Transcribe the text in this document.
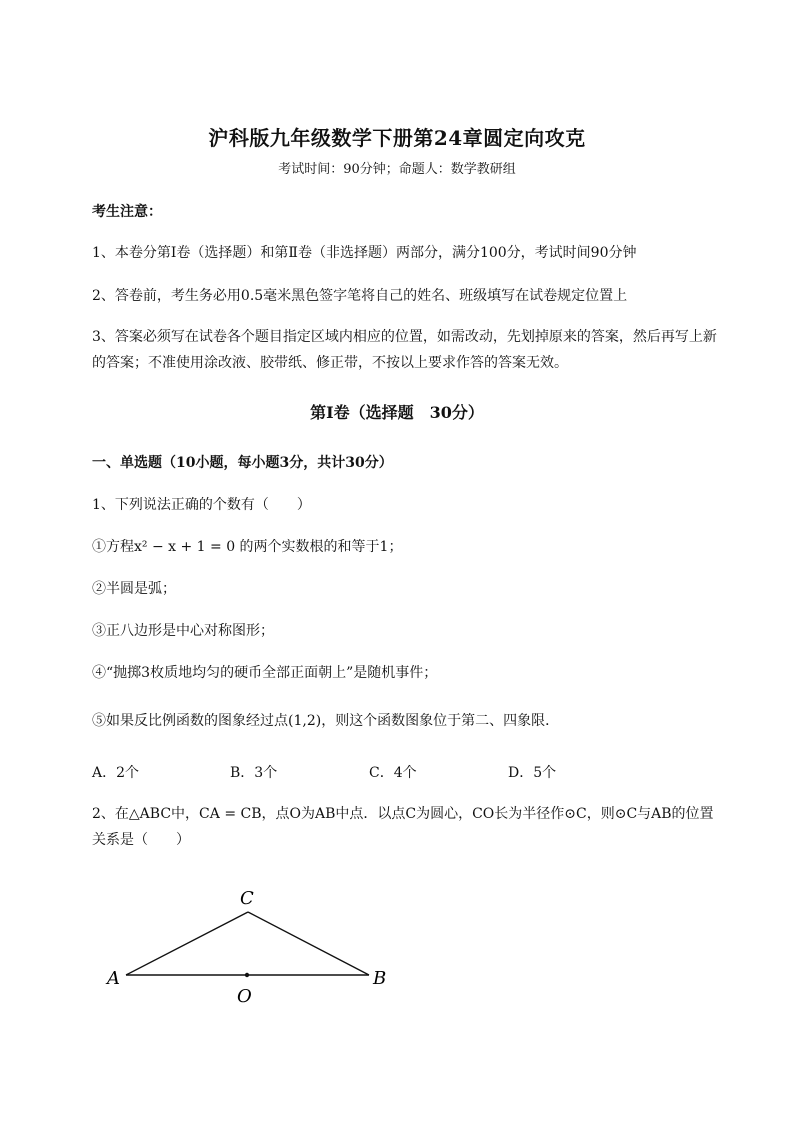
沪科版九年级数学下册第24章圆定向攻克
考试时间：90分钟；命题人：数学教研组
考生注意：
1、本卷分第I卷（选择题）和第Ⅱ卷（非选择题）两部分，满分100分，考试时间90分钟
2、答卷前，考生务必用0.5毫米黑色签字笔将自己的姓名、班级填写在试卷规定位置上
3、答案必须写在试卷各个题目指定区域内相应的位置，如需改动，先划掉原来的答案，然后再写上新
的答案；不准使用涂改液、胶带纸、修正带，不按以上要求作答的答案无效。
第I卷（选择题　30分）
一、单选题（10小题，每小题3分，共计30分）
1、下列说法正确的个数有（　　）
①方程x² − x + 1 = 0 的两个实数根的和等于1；
②半圆是弧；
③正八边形是中心对称图形；
④“抛掷3枚质地均匀的硬币全部正面朝上”是随机事件；
⑤如果反比例函数的图象经过点(1,2)，则这个函数图象位于第二、四象限．
A．2个	B．3个	C．4个	D．5个
2、在△ABC中，CA = CB，点O为AB中点．以点C为圆心，CO长为半径作⊙C，则⊙C与AB的位置
关系是（　　）
C
A	B
O
